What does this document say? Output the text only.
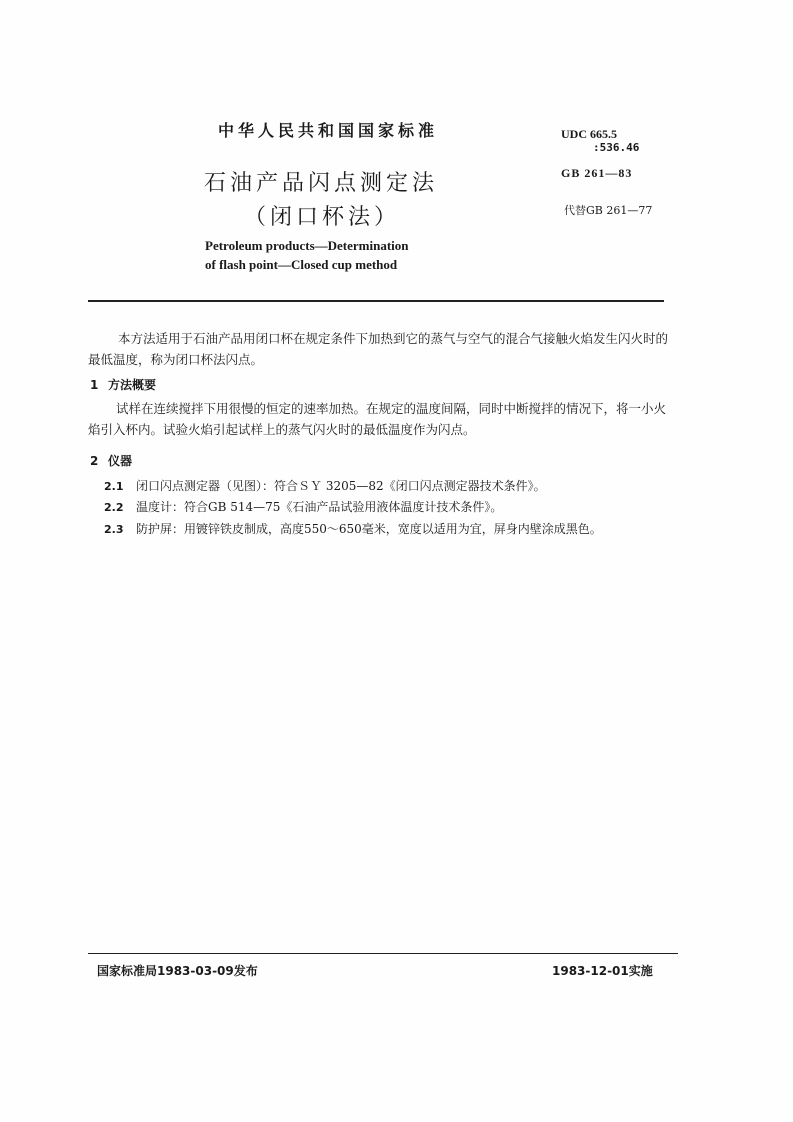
中华人民共和国国家标准
石油产品闪点测定法
（闭口杯法）
Petroleum products—Determination
of flash point—Closed cup method
UDC 665.5
:536.46
GB 261—83
代替GB 261—77
本方法适用于石油产品用闭口杯在规定条件下加热到它的蒸气与空气的混合气接触火焰发生闪火时的最低温度，称为闭口杯法闪点。
1 方法概要
试样在连续搅拌下用很慢的恒定的速率加热。在规定的温度间隔，同时中断搅拌的情况下，将一小火焰引入杯内。试验火焰引起试样上的蒸气闪火时的最低温度作为闪点。
2 仪器
2.1 闭口闪点测定器（见图）：符合ＳＹ 3205—82《闭口闪点测定器技术条件》。
2.2 温度计：符合GB 514—75《石油产品试验用液体温度计技术条件》。
2.3 防护屏：用镀锌铁皮制成，高度550～650毫米，宽度以适用为宜，屏身内壁涂成黑色。
国家标准局1983-03-09发布	1983-12-01实施
